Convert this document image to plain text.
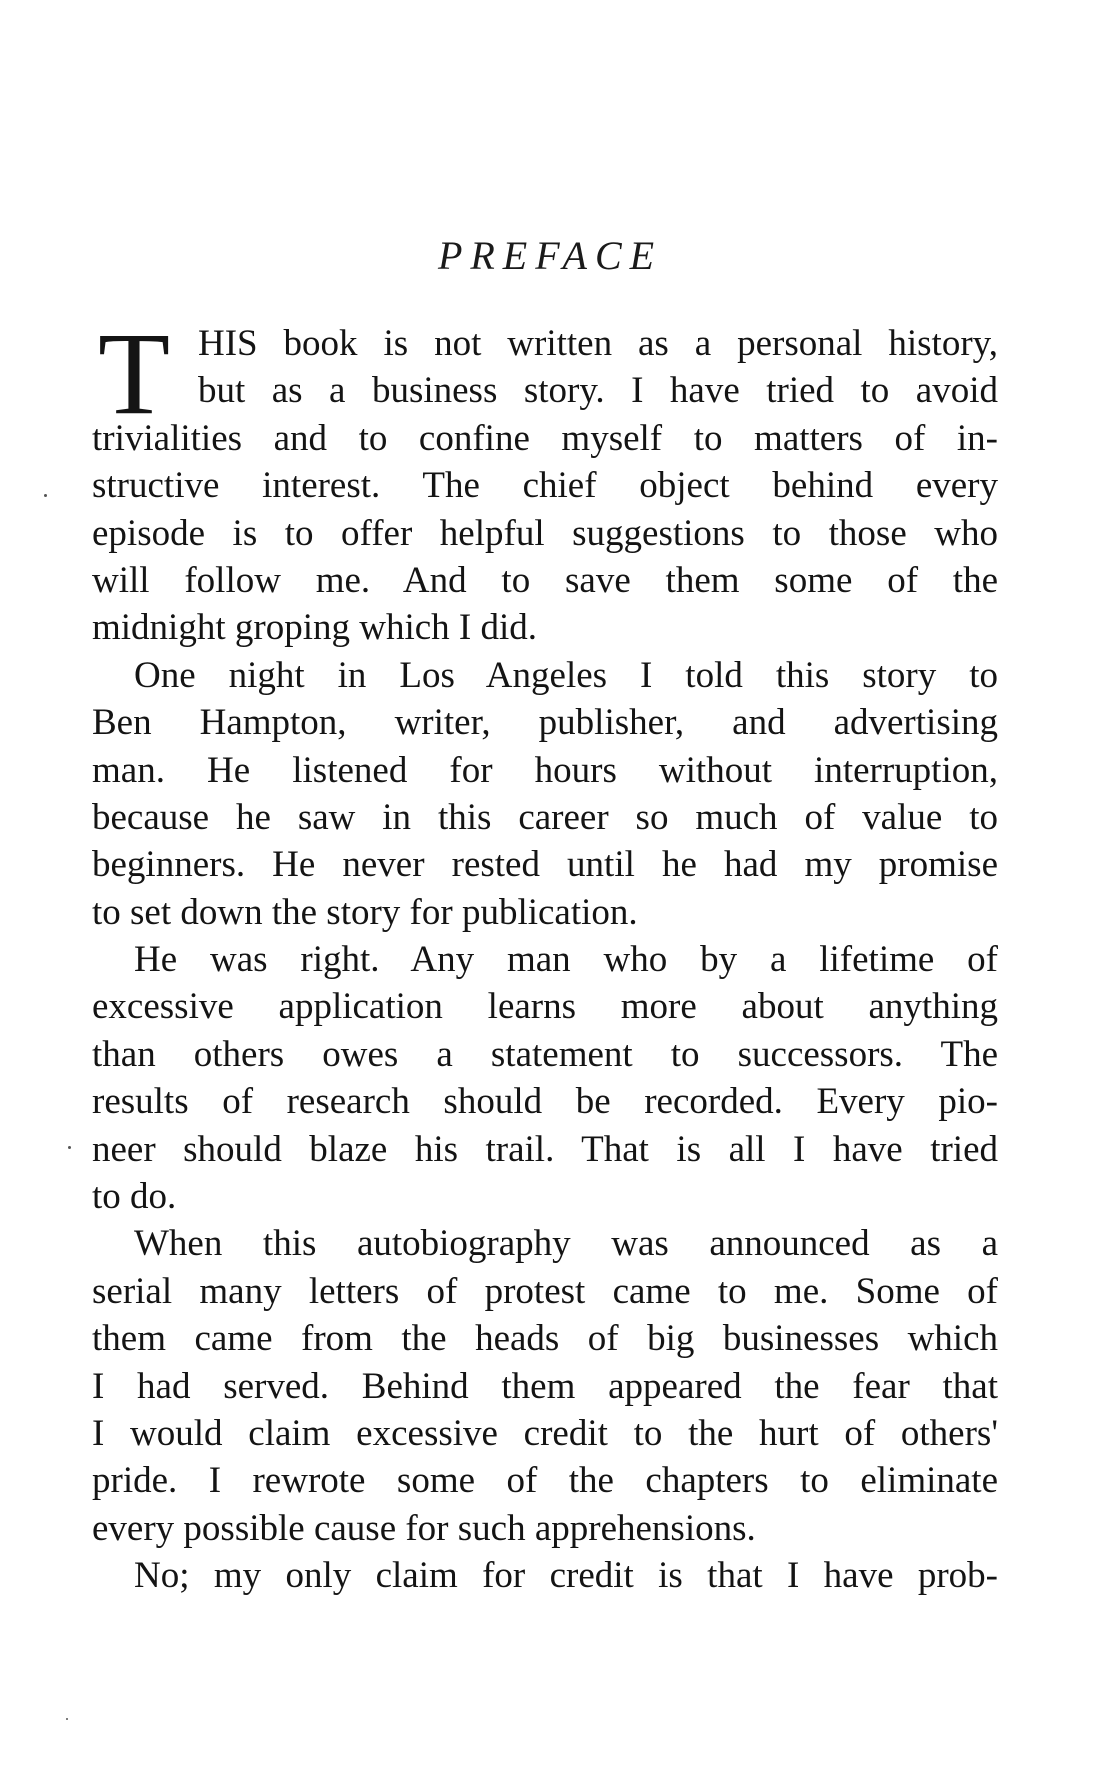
PREFACE
T HIS book is not written as a personal history,
but as a business story. I have tried to avoid
trivialities and to confine myself to matters of in-
structive interest. The chief object behind every
episode is to offer helpful suggestions to those who
will follow me. And to save them some of the
midnight groping which I did.
One night in Los Angeles I told this story to
Ben Hampton, writer, publisher, and advertising
man. He listened for hours without interruption,
because he saw in this career so much of value to
beginners. He never rested until he had my promise
to set down the story for publication.
He was right. Any man who by a lifetime of
excessive application learns more about anything
than others owes a statement to successors. The
results of research should be recorded. Every pio-
neer should blaze his trail. That is all I have tried
to do.
When this autobiography was announced as a
serial many letters of protest came to me. Some of
them came from the heads of big businesses which
I had served. Behind them appeared the fear that
I would claim excessive credit to the hurt of others'
pride. I rewrote some of the chapters to eliminate
every possible cause for such apprehensions.
No; my only claim for credit is that I have prob-
